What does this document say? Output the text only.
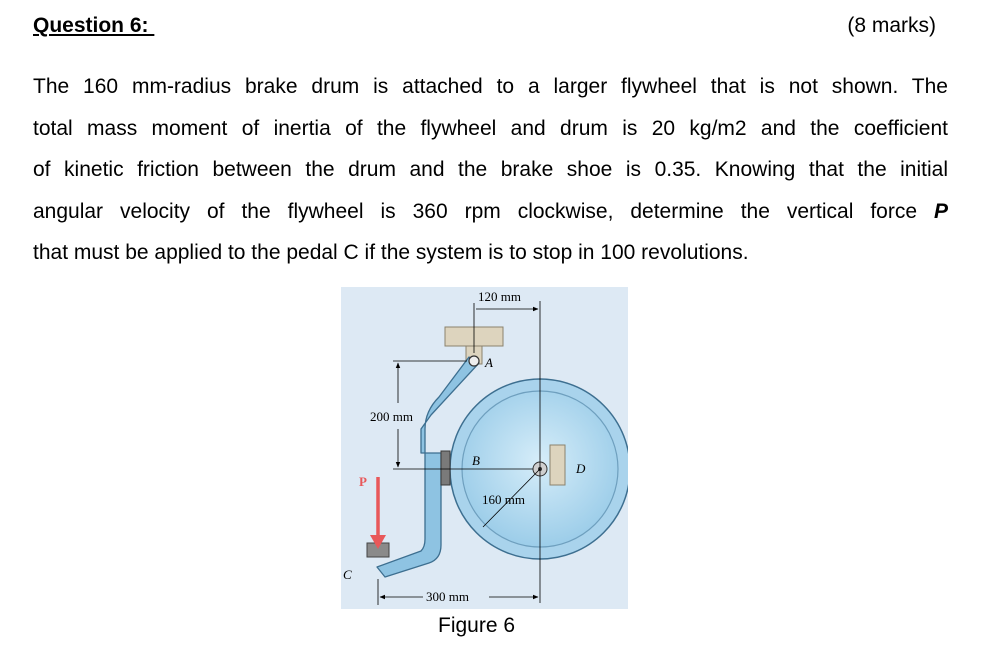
Question 6:	(8 marks)
The 160 mm-radius brake drum is attached to a larger flywheel that is not shown. The
total mass moment of inertia of the flywheel and drum is 20 kg/m2 and the coefficient
of kinetic friction between the drum and the brake shoe is 0.35. Knowing that the initial
angular velocity of the flywheel is 360 rpm clockwise, determine the vertical force P
that must be applied to the pedal C if the system is to stop in 100 revolutions.
120 mm
200 mm
160 mm
300 mm
A
B
C
D
P
Figure 6
